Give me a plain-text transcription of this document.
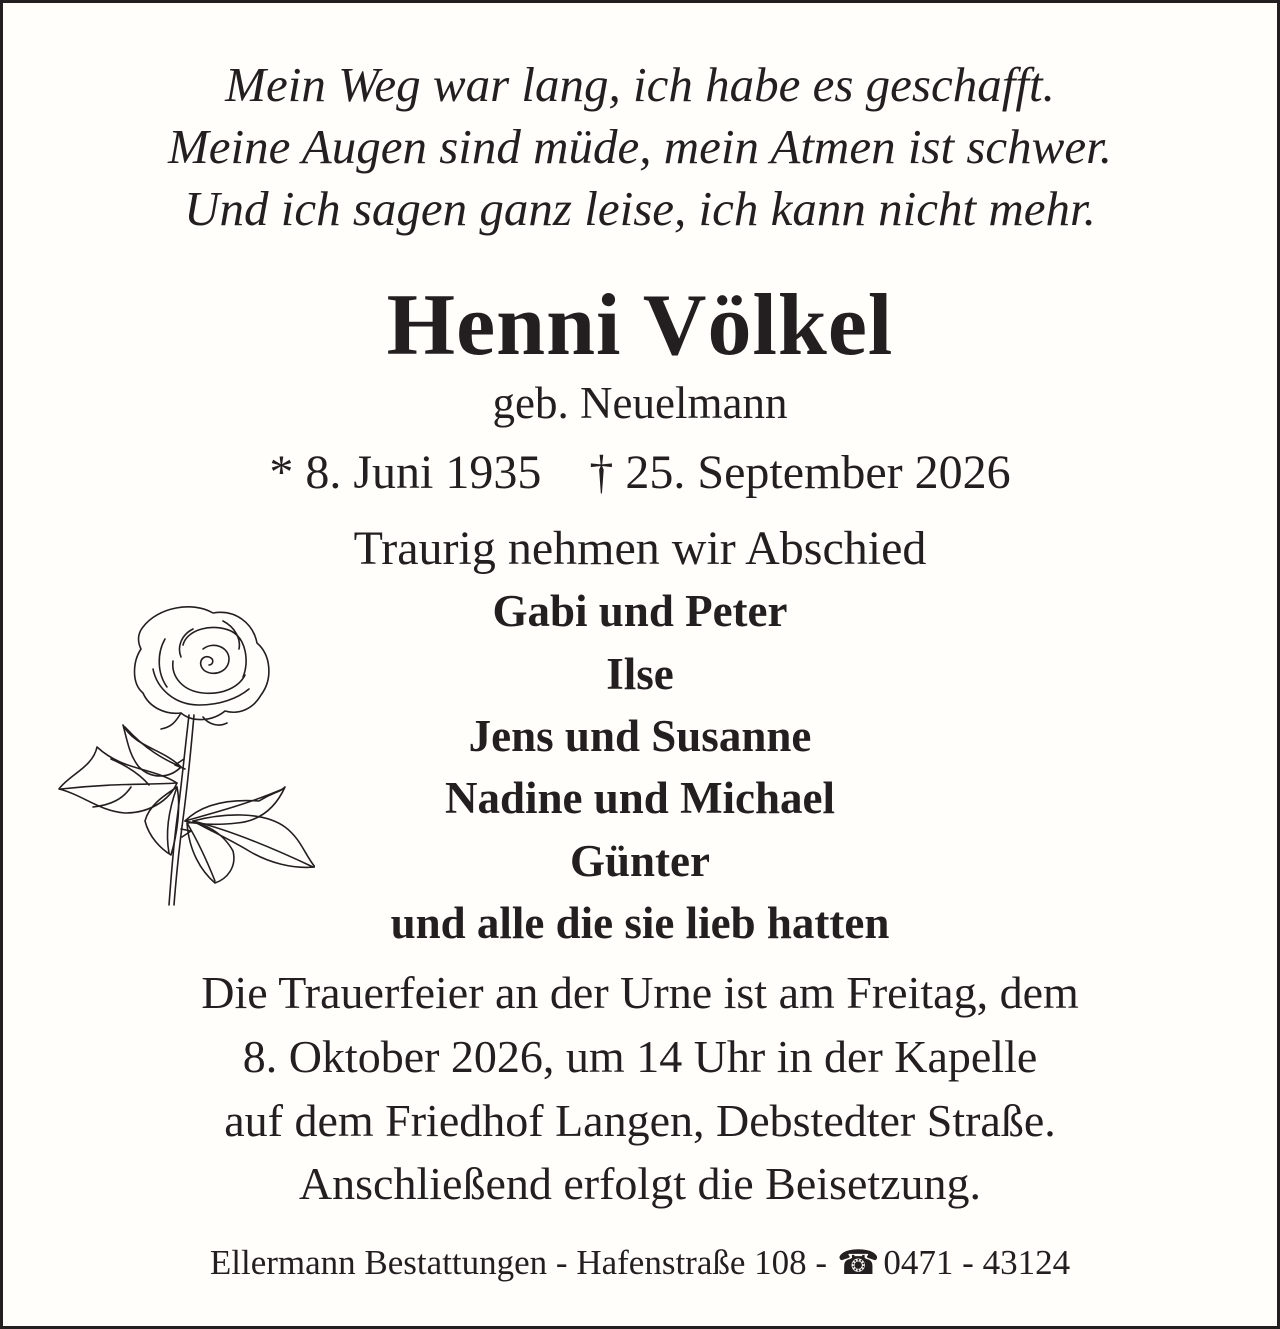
Mein Weg war lang, ich habe es geschafft.
Meine Augen sind müde, mein Atmen ist schwer.
Und ich sagen ganz leise, ich kann nicht mehr.
Henni Völkel
geb. Neuelmann
* 8. Juni 1935 † 25. September 2026
Traurig nehmen wir Abschied
Gabi und Peter
Ilse
Jens und Susanne
Nadine und Michael
Günter
und alle die sie lieb hatten
Die Trauerfeier an der Urne ist am Freitag, dem
8. Oktober 2026, um 14 Uhr in der Kapelle
auf dem Friedhof Langen, Debstedter Straße.
Anschließend erfolgt die Beisetzung.
Ellermann Bestattungen - Hafenstraße 108 - ☎ 0471 - 43124
